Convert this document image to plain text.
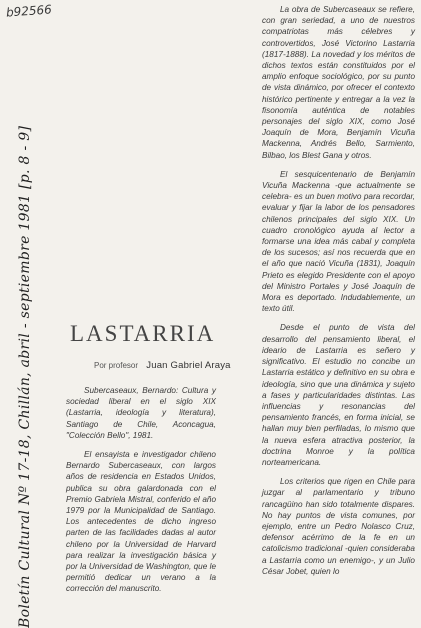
b92566
Boletín Cultural Nº 17-18, Chillán, abril - septiembre 1981 [p. 8 - 9] LASTARRIA
Por profesor Juan Gabriel Araya

Subercaseaux, Bernardo: Cultura y sociedad liberal en el siglo XIX (Lastarria, ideología y literatura), Santiago de Chile, Aconcagua, "Colección Bello", 1981.

El ensayista e investigador chileno Bernardo Subercaseaux, con largos años de residencia en Estados Unidos, publica su obra galardonada con el Premio Gabriela Mistral, conferido el año 1979 por la Municipalidad de Santiago. Los antecedentes de dicho ingreso parten de las facilidades dadas al autor chileno por la Universidad de Harvard para realizar la investigación básica y por la Universidad de Washington, que le permitió dedicar un verano a la corrección del manuscrito.

La obra de Subercaseaux se refiere, con gran seriedad, a uno de nuestros compatriotas más célebres y controvertidos, José Victorino Lastarria (1817-1888). La novedad y los méritos de dichos textos están constituidos por el amplio enfoque sociológico, por su punto de vista dinámico, por ofrecer el contexto histórico pertinente y entregar a la vez la fisonomía auténtica de notables personajes del siglo XIX, como José Joaquín de Mora, Benjamín Vicuña Mackenna, Andrés Bello, Sarmiento, Bilbao, los Blest Gana y otros.

El sesquicentenario de Benjamín Vicuña Mackenna -que actualmente se celebra- es un buen motivo para recordar, evaluar y fijar la labor de los pensadores chilenos principales del siglo XIX. Un cuadro cronológico ayuda al lector a formarse una idea más cabal y completa de los sucesos; así nos recuerda que en el año que nació Vicuña (1831), Joaquín Prieto es elegido Presidente con el apoyo del Ministro Portales y José Joaquín de Mora es deportado. Indudablemente, un texto útil.

Desde el punto de vista del desarrollo del pensamiento liberal, el ideario de Lastarria es señero y significativo. El estudio no concibe un Lastarria estático y definitivo en su obra e ideología, sino que una dinámica y sujeto a fases y particularidades distintas. Las influencias y resonancias del pensamiento francés, en forma inicial, se hallan muy bien perfiladas, lo mismo que la nueva esfera atractiva posterior, la doctrina Monroe y la política norteamericana.

Los criterios que rigen en Chile para juzgar al parlamentario y tribuno rancagüino han sido totalmente dispares. No hay puntos de vista comunes, por ejemplo, entre un Pedro Nolasco Cruz, defensor acérrimo de la fe en un catolicismo tradicional -quien consideraba a Lastarria como un enemigo-, y un Julio César Jobet, quien lo
